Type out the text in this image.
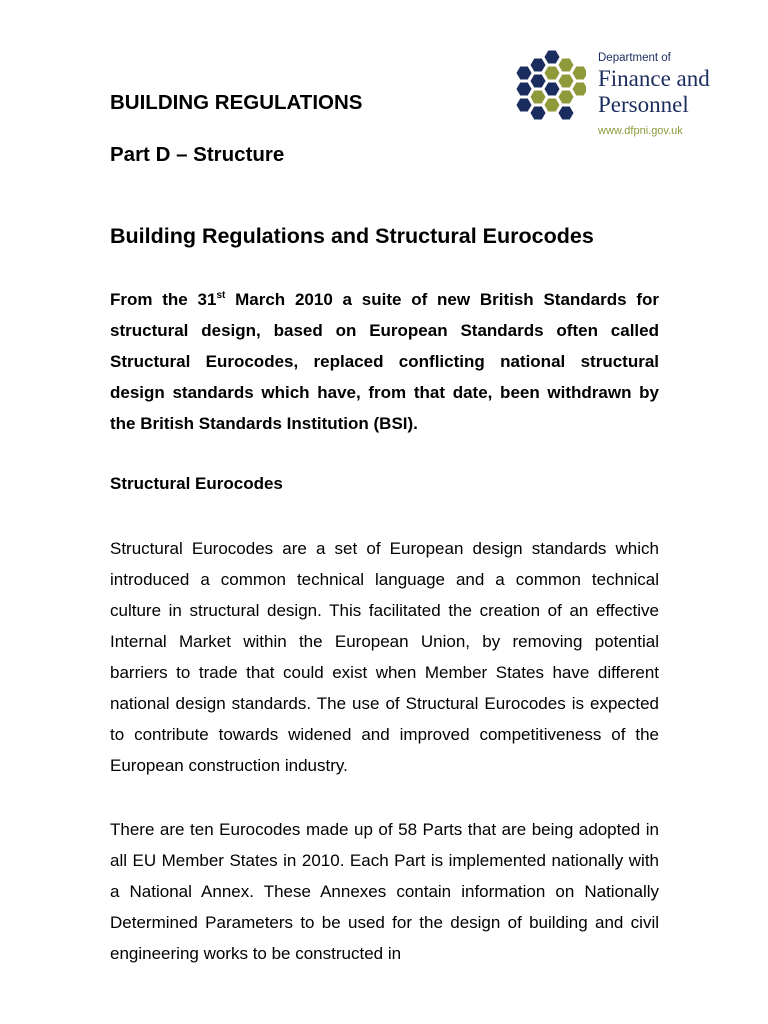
BUILDING REGULATIONS
Part D – Structure
Building Regulations and Structural Eurocodes
Department of
Finance and
Personnel
www.dfpni.gov.uk

From the 31st March 2010 a suite of new British Standards for structural design, based on European Standards often called Structural Eurocodes, replaced conflicting national structural design standards which have, from that date, been withdrawn by the British Standards Institution (BSI).

Structural Eurocodes

Structural Eurocodes are a set of European design standards which introduced a common technical language and a common technical culture in structural design. This facilitated the creation of an effective Internal Market within the European Union, by removing potential barriers to trade that could exist when Member States have different national design standards. The use of Structural Eurocodes is expected to contribute towards widened and improved competitiveness of the European construction industry.

There are ten Eurocodes made up of 58 Parts that are being adopted in all EU Member States in 2010. Each Part is implemented nationally with a National Annex. These Annexes contain information on Nationally Determined Parameters to be used for the design of building and civil engineering works to be constructed in
